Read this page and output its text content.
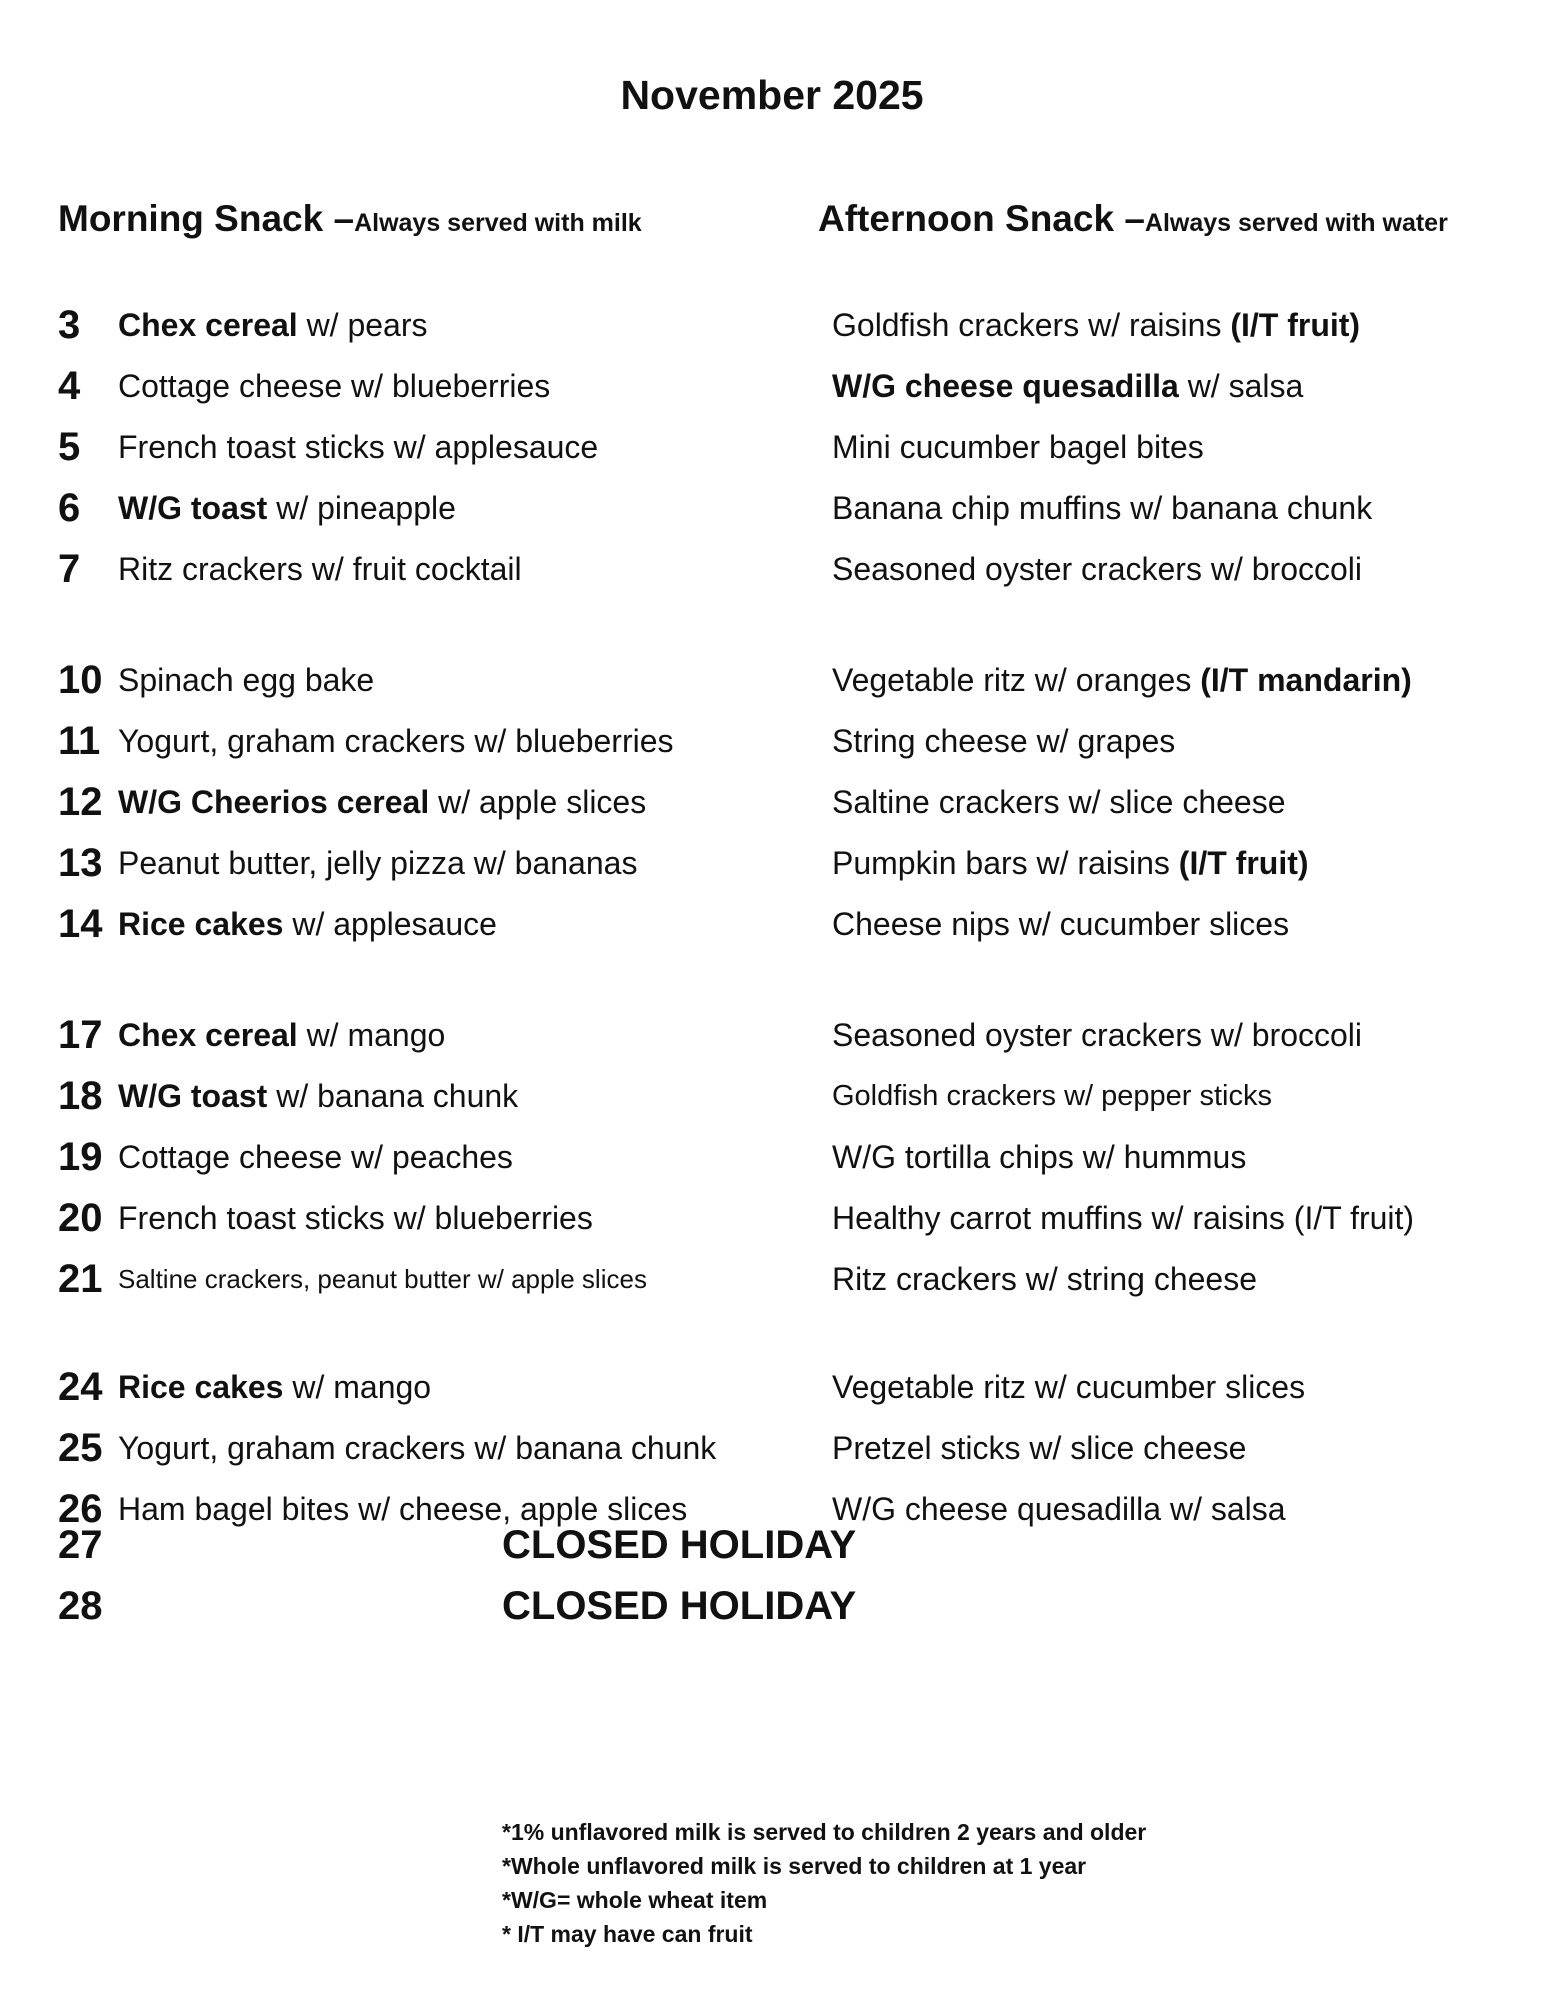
November 2025
Morning Snack –Always served with milk	Afternoon Snack –Always served with water
3 Chex cereal w/ pears	Goldfish crackers w/ raisins (I/T fruit)
4 Cottage cheese w/ blueberries	W/G cheese quesadilla w/ salsa
5 French toast sticks w/ applesauce	Mini cucumber bagel bites
6 W/G toast w/ pineapple	Banana chip muffins w/ banana chunk
7 Ritz crackers w/ fruit cocktail	Seasoned oyster crackers w/ broccoli
10 Spinach egg bake	Vegetable ritz w/ oranges (I/T mandarin)
11 Yogurt, graham crackers w/ blueberries	String cheese w/ grapes
12 W/G Cheerios cereal w/ apple slices	Saltine crackers w/ slice cheese
13 Peanut butter, jelly pizza w/ bananas	Pumpkin bars w/ raisins (I/T fruit)
14 Rice cakes w/ applesauce	Cheese nips w/ cucumber slices
17 Chex cereal w/ mango	Seasoned oyster crackers w/ broccoli
18 W/G toast w/ banana chunk	Goldfish crackers w/ pepper sticks
19 Cottage cheese w/ peaches	W/G tortilla chips w/ hummus
20 French toast sticks w/ blueberries	Healthy carrot muffins w/ raisins (I/T fruit)
21 Saltine crackers, peanut butter w/ apple slices	Ritz crackers w/ string cheese
24 Rice cakes w/ mango	Vegetable ritz w/ cucumber slices
25 Yogurt, graham crackers w/ banana chunk	Pretzel sticks w/ slice cheese
26 Ham bagel bites w/ cheese, apple slices	W/G cheese quesadilla w/ salsa
27	CLOSED HOLIDAY
28	CLOSED HOLIDAY
*1% unflavored milk is served to children 2 years and older
*Whole unflavored milk is served to children at 1 year
*W/G= whole wheat item
* I/T may have can fruit
